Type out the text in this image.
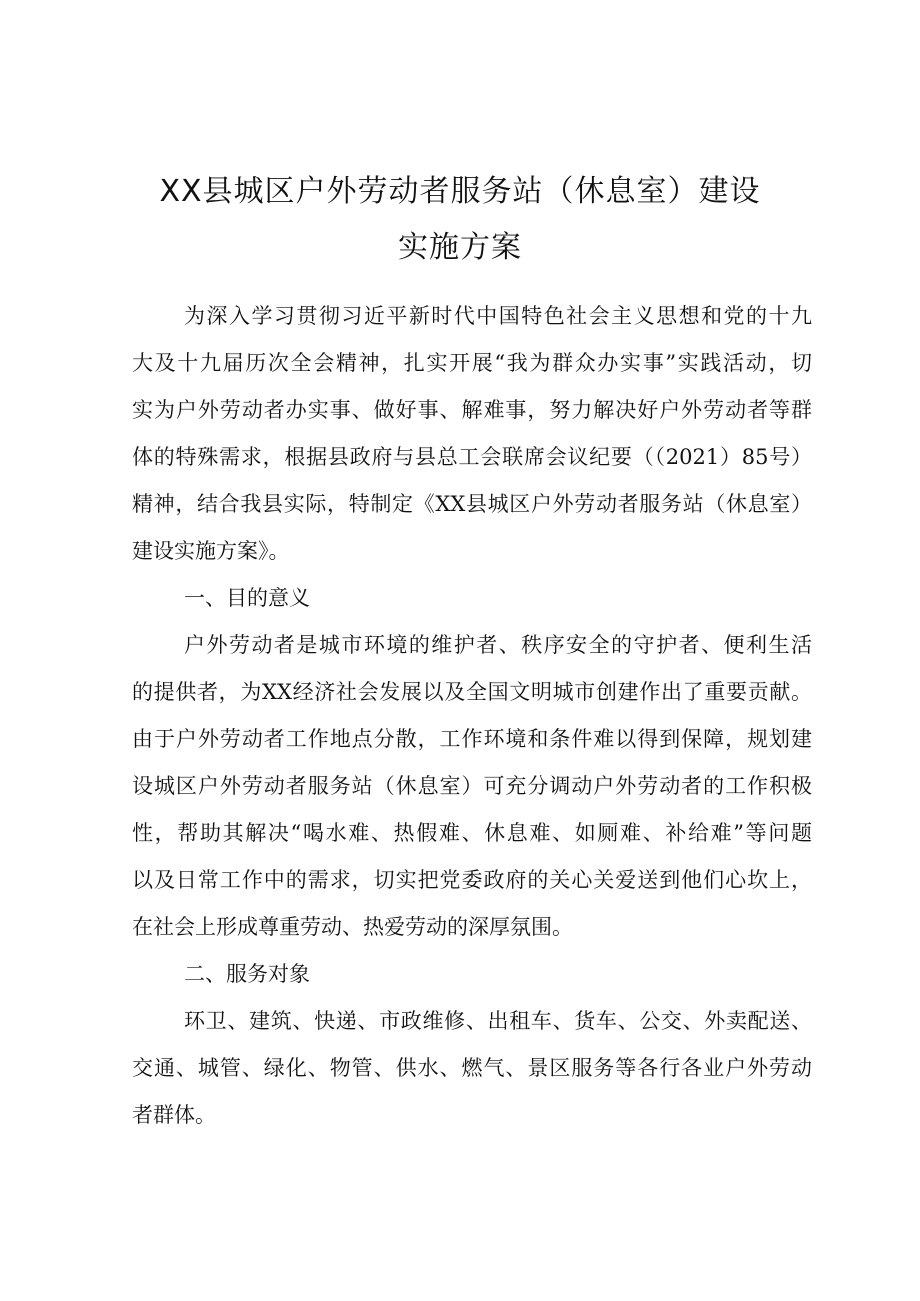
XX县城区户外劳动者服务站（休息室）建设
实施方案
为深入学习贯彻习近平新时代中国特色社会主义思想和党的十九
大及十九届历次全会精神，扎实开展“我为群众办实事”实践活动，切
实为户外劳动者办实事、做好事、解难事，努力解决好户外劳动者等群
体的特殊需求，根据县政府与县总工会联席会议纪要（（2021）85号）
精神，结合我县实际，特制定《XX县城区户外劳动者服务站（休息室）
建设实施方案》。
一、目的意义
户外劳动者是城市环境的维护者、秩序安全的守护者、便利生活
的提供者，为XX经济社会发展以及全国文明城市创建作出了重要贡献。
由于户外劳动者工作地点分散，工作环境和条件难以得到保障，规划建
设城区户外劳动者服务站（休息室）可充分调动户外劳动者的工作积极
性，帮助其解决“喝水难、热假难、休息难、如厕难、补给难”等问题
以及日常工作中的需求，切实把党委政府的关心关爱送到他们心坎上，
在社会上形成尊重劳动、热爱劳动的深厚氛围。
二、服务对象
环卫、建筑、快递、市政维修、出租车、货车、公交、外卖配送、
交通、城管、绿化、物管、供水、燃气、景区服务等各行各业户外劳动
者群体。
